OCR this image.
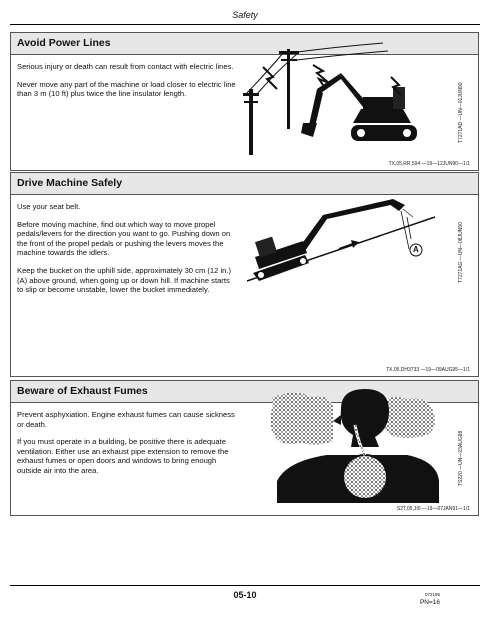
Safety
Avoid Power Lines

Serious injury or death can result from contact with electric lines.

Never move any part of the machine or load closer to electric line than 3 m (10 ft) plus twice the line insulator length.	T7271AD —UN—01JUN90
TX,05,RR,594 —19—12JUN90—1/1
Drive Machine Safely

Use your seat belt.

Before moving machine, find out which way to move propel pedals/levers for the direction you want to go. Pushing down on the front of the propel pedals or pushing the levers moves the machine towards the idlers.

Keep the bucket on the uphill side, approximately 30 cm (12 in.) (A) above ground, when going up or down hill. If machine starts to slip or become unstable, lower the bucket immediately.

A	T7271AG —UN—08JUN90
TX,05,DH3733 —19—09AUG95—1/1
Beware of Exhaust Fumes

Prevent asphyxiation. Engine exhaust fumes can cause sickness or death.

If you must operate in a building, be positive there is adequate ventilation. Either use an exhaust pipe extension to remove the exhaust fumes or open doors and windows to bring enough outside air into the area.	TS220 —UN—23AUG88
S2T,05,JI0 —19—07JAN91—1/1
05-10	072195
PN=16
